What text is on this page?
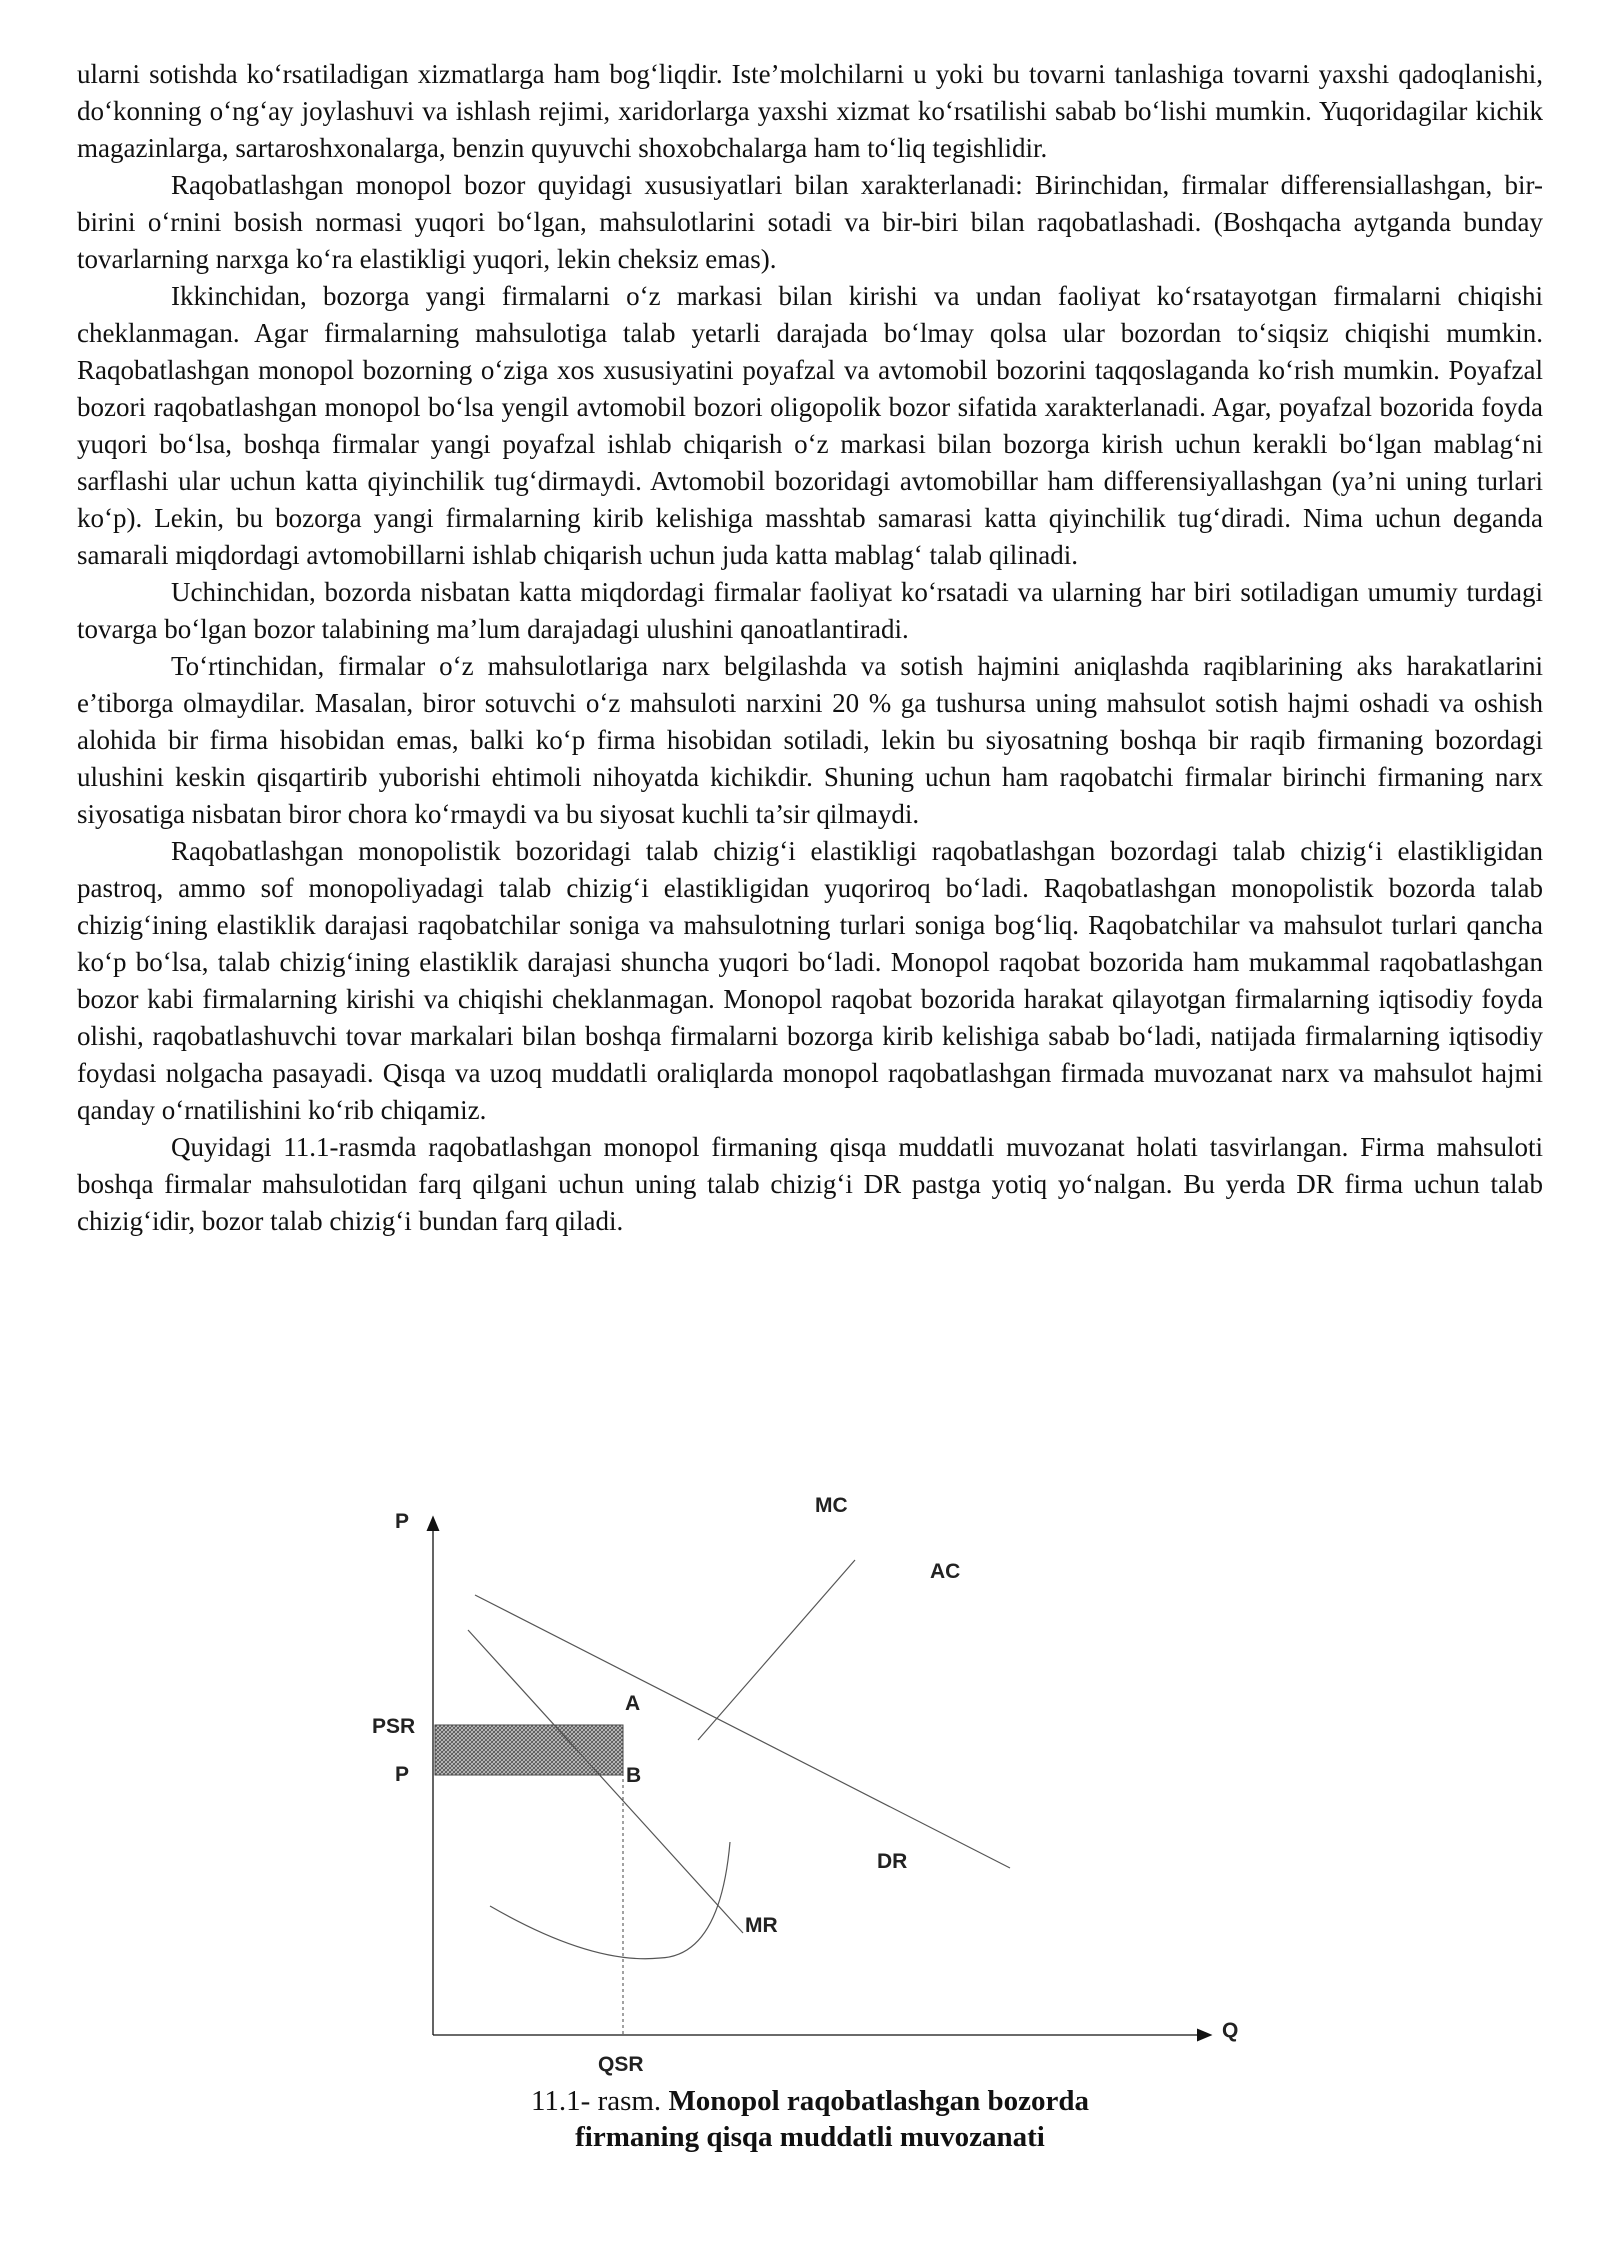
ularni sotishda ko‘rsatiladigan xizmatlarga ham bog‘liqdir. Iste’molchilarni u yoki bu tovarni tanlashiga tovarni yaxshi qadoqlanishi, do‘konning o‘ng‘ay joylashuvi va ishlash rejimi, xaridorlarga yaxshi xizmat ko‘rsatilishi sabab bo‘lishi mumkin. Yuqoridagilar kichik magazinlarga, sartaroshxonalarga, benzin quyuvchi shoxobchalarga ham to‘liq tegishlidir.

Raqobatlashgan monopol bozor quyidagi xususiyatlari bilan xarakterlanadi: Birinchidan, firmalar differensiallashgan, bir-birini o‘rnini bosish normasi yuqori bo‘lgan, mahsulotlarini sotadi va bir-biri bilan raqobatlashadi. (Boshqacha aytganda bunday tovarlarning narxga ko‘ra elastikligi yuqori, lekin cheksiz emas).

Ikkinchidan, bozorga yangi firmalarni o‘z markasi bilan kirishi va undan faoliyat ko‘rsatayotgan firmalarni chiqishi cheklanmagan. Agar firmalarning mahsulotiga talab yetarli darajada bo‘lmay qolsa ular bozordan to‘siqsiz chiqishi mumkin. Raqobatlashgan monopol bozorning o‘ziga xos xususiyatini poyafzal va avtomobil bozorini taqqoslaganda ko‘rish mumkin. Poyafzal bozori raqobatlashgan monopol bo‘lsa yengil avtomobil bozori oligopolik bozor sifatida xarakterlanadi. Agar, poyafzal bozorida foyda yuqori bo‘lsa, boshqa firmalar yangi poyafzal ishlab chiqarish o‘z markasi bilan bozorga kirish uchun kerakli bo‘lgan mablag‘ni sarflashi ular uchun katta qiyinchilik tug‘dirmaydi. Avtomobil bozoridagi avtomobillar ham differensiyallashgan (ya’ni uning turlari ko‘p). Lekin, bu bozorga yangi firmalarning kirib kelishiga masshtab samarasi katta qiyinchilik tug‘diradi. Nima uchun deganda samarali miqdordagi avtomobillarni ishlab chiqarish uchun juda katta mablag‘ talab qilinadi.

Uchinchidan, bozorda nisbatan katta miqdordagi firmalar faoliyat ko‘rsatadi va ularning har biri sotiladigan umumiy turdagi tovarga bo‘lgan bozor talabining ma’lum darajadagi ulushini qanoatlantiradi.

To‘rtinchidan, firmalar o‘z mahsulotlariga narx belgilashda va sotish hajmini aniqlashda raqiblarining aks harakatlarini e’tiborga olmaydilar. Masalan, biror sotuvchi o‘z mahsuloti narxini 20 % ga tushursa uning mahsulot sotish hajmi oshadi va oshish alohida bir firma hisobidan emas, balki ko‘p firma hisobidan sotiladi, lekin bu siyosatning boshqa bir raqib firmaning bozordagi ulushini keskin qisqartirib yuborishi ehtimoli nihoyatda kichikdir. Shuning uchun ham raqobatchi firmalar birinchi firmaning narx siyosatiga nisbatan biror chora ko‘rmaydi va bu siyosat kuchli ta’sir qilmaydi.

Raqobatlashgan monopolistik bozoridagi talab chizig‘i elastikligi raqobatlashgan bozordagi talab chizig‘i elastikligidan pastroq, ammo sof monopoliyadagi talab chizig‘i elastikligidan yuqoriroq bo‘ladi. Raqobatlashgan monopolistik bozorda talab chizig‘ining elastiklik darajasi raqobatchilar soniga va mahsulotning turlari soniga bog‘liq. Raqobatchilar va mahsulot turlari qancha ko‘p bo‘lsa, talab chizig‘ining elastiklik darajasi shuncha yuqori bo‘ladi. Monopol raqobat bozorida ham mukammal raqobatlashgan bozor kabi firmalarning kirishi va chiqishi cheklanmagan. Monopol raqobat bozorida harakat qilayotgan firmalarning iqtisodiy foyda olishi, raqobatlashuvchi tovar markalari bilan boshqa firmalarni bozorga kirib kelishiga sabab bo‘ladi, natijada firmalarning iqtisodiy foydasi nolgacha pasayadi. Qisqa va uzoq muddatli oraliqlarda monopol raqobatlashgan firmada muvozanat narx va mahsulot hajmi qanday o‘rnatilishini ko‘rib chiqamiz.

Quyidagi 11.1-rasmda raqobatlashgan monopol firmaning qisqa muddatli muvozanat holati tasvirlangan. Firma mahsuloti boshqa firmalar mahsulotidan farq qilgani uchun uning talab chizig‘i DR pastga yotiq yo‘nalgan. Bu yerda DR firma uchun talab chizig‘idir, bozor talab chizig‘i bundan farq qiladi.

P
Q
MC
AC
A
B
PSR
P
DR
MR
QSR
11.1- rasm. Monopol raqobatlashgan bozorda
firmaning qisqa muddatli muvozanati
